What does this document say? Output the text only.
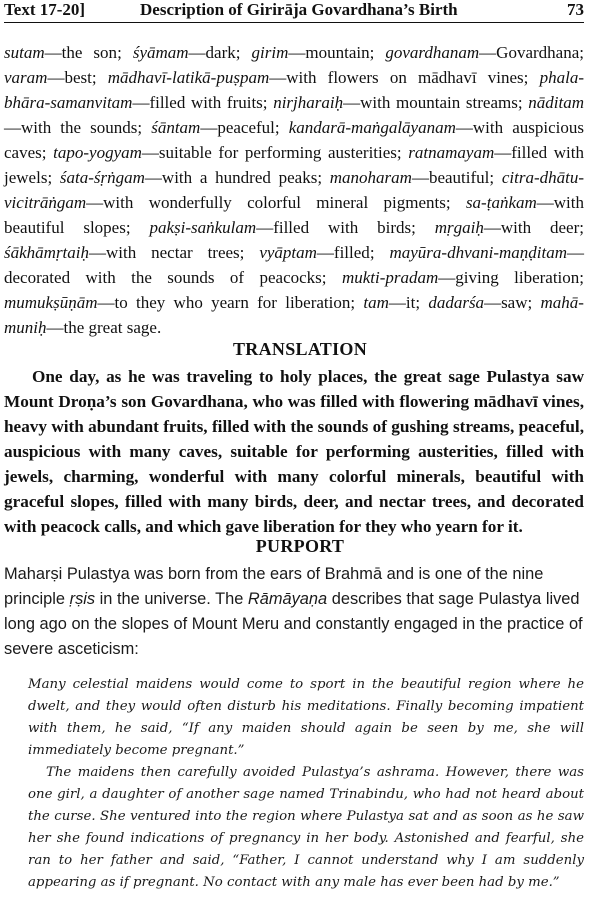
Text 17-20]	Description of Girirāja Govardhana’s Birth	73

sutam—the son; śyāmam—dark; girim—mountain; govardhanam—Govardhana; varam—best; mādhavī-latikā-puṣpam—with flowers on mādhavī vines; phala-bhāra-samanvitam—filled with fruits; nirjharaiḥ—with mountain streams; nāditam—with the sounds; śāntam—peaceful; kandarā-maṅgalāyanam—with auspicious caves; tapo-yogyam—suitable for performing austerities; ratnamayam—filled with jewels; śata-śṛṅgam—with a hundred peaks; manoharam—beautiful; citra-dhātu-vicitrāṅgam—with wonderfully colorful mineral pigments; sa-ṭaṅkam—with beautiful slopes; pakṣi-saṅkulam—filled with birds; mṛgaiḥ—with deer; śākhāmṛtaiḥ—with nectar trees; vyāptam—filled; mayūra-dhvani-maṇḍitam—decorated with the sounds of peacocks; mukti-pradam—giving liberation; mumukṣūṇām—to they who yearn for liberation; tam—it; dadarśa—saw; mahā-muniḥ—the great sage.

TRANSLATION

One day, as he was traveling to holy places, the great sage Pulastya saw Mount Droṇa’s son Govardhana, who was filled with flowering mādhavī vines, heavy with abundant fruits, filled with the sounds of gushing streams, peaceful, auspicious with many caves, suitable for performing austerities, filled with jewels, charming, wonderful with many colorful minerals, beautiful with graceful slopes, filled with many birds, deer, and nectar trees, and decorated with peacock calls, and which gave liberation for they who yearn for it.

PURPORT

Maharṣi Pulastya was born from the ears of Brahmā and is one of the nine principle ṛṣis in the universe. The Rāmāyaṇa describes that sage Pulastya lived long ago on the slopes of Mount Meru and constantly engaged in the practice of severe asceticism:

Many celestial maidens would come to sport in the beautiful region where he dwelt, and they would often disturb his meditations. Finally becoming impatient with them, he said, “If any maiden should again be seen by me, she will immediately become pregnant.”

The maidens then carefully avoided Pulastya’s ashrama. However, there was one girl, a daughter of another sage named Trinabindu, who had not heard about the curse. She ventured into the region where Pulastya sat and as soon as he saw her she found indications of pregnancy in her body. Astonished and fearful, she ran to her father and said, “Father, I cannot understand why I am suddenly appearing as if pregnant. No contact with any male has ever been had by me.”
